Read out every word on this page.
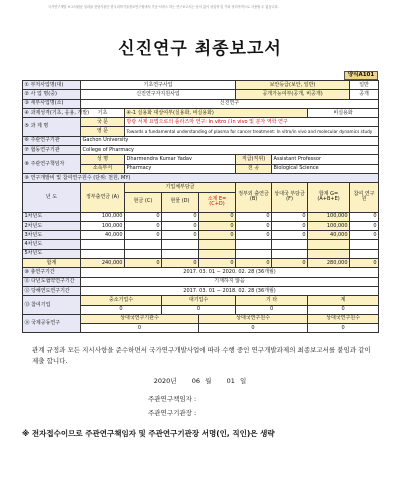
국가연구개발 보고서원문 성과물 전담기관인 한국과학기술정보연구원에서 가공·서비스 하는 연구보고서는 동의 없이 상업적 및 기타 영리목적으로 사용할 수 없습니다.
신진연구 최종보고서
양식A101
① 부처사업명(대)	기초연구사업				보안등급(보안, 일반)			일반
② 사 업 명(중)	신진연구자지원사업				공개가능여부(공개, 비공개)			공개
③ 세부사업명(소)	신진연구							
④ 과제성격(기초, 응용, 개발)	기초	④-1 실용화 대상여부(실용화, 비실용화)					비실용화	
⑤ 과 제 명	국 문	방광 서제 요법으로의 플라즈마 연구: In vitro / In vivo 및 분자 역학 연구						
	영 문	Towards a fundamental understanding of plasma for cancer treatment: In vitro/in vivo and molecular dynamics study						
⑥ 주관연구기관	Gachon University							
⑦ 협동연구기관	College of Pharmacy							
⑧ 주관연구책임자	성 명	Dharmendra Kumar Yadav			직급(직위)	Assistant Professor		
	소속부서	Pharmacy			전 공	Biological Science		
⑨ 연구개발비 및 참여연구원수 (단위: 천원, MY)								
년 도	정부출연금 (A)	기업체부담금			정부외 출연금 (B)	상대국 부담금 (F)	합계 G=(A+B+E)	참여 연구원
		현금 (C)	현물 (D)	소계 E=(C+D)				
1차년도	100,000	0	0	0	0	0	100,000	0
2차년도	100,000	0	0	0	0	0	100,000	0
3차년도	40,000	0	0	0	0	0	40,000	0
4차년도								
5차년도								
합계	240,000	0	0	0	0	0	280,000	0
⑩ 총연구기간	2017. 03. 01 − 2020. 02. 28 (36개월)							
⑪ 다년도협약연구기간	기재하지 않음							
⑫ 당해연도연구기간	2017. 03. 01 − 2018. 02. 28 (36개월)							
⑬ 참여기업	중소기업수		대기업수		기 타		계	
	0		0		0		0	
⑭ 국제공동연구	상대국연구기관수			상대국연구원수			상대국연구원수	
	0			0			0	
관계 규정과 모든 지시사항을 준수하면서 국가연구개발사업에 따라 수행 중인 연구개발과제의 최종보고서를 붙임과 같이 제출 합니다.
2020년 06 월 01 일
주관연구책임자 :
주관연구기관장 :
※ 전자접수이므로 주관연구책임자 및 주관연구기관장 서명(인, 직인)은 생략
